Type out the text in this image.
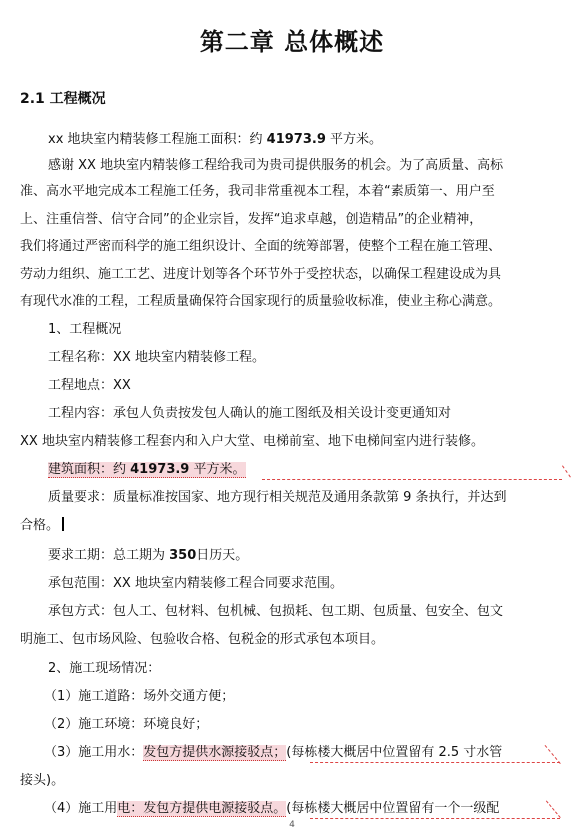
第二章 总体概述
2.1 工程概况
xx 地块室内精装修工程施工面积：约 41973.9 平方米。
感谢 XX 地块室内精装修工程给我司为贵司提供服务的机会。为了高质量、高标
准、高水平地完成本工程施工任务，我司非常重视本工程，本着“素质第一、用户至
上、注重信誉、信守合同”的企业宗旨，发挥“追求卓越，创造精品”的企业精神，
我们将通过严密而科学的施工组织设计、全面的统筹部署，使整个工程在施工管理、
劳动力组织、施工工艺、进度计划等各个环节外于受控状态，以确保工程建设成为具
有现代水准的工程，工程质量确保符合国家现行的质量验收标准，使业主称心满意。
1、工程概况
工程名称：XX 地块室内精装修工程。
工程地点：XX
工程内容：承包人负责按发包人确认的施工图纸及相关设计变更通知对
XX 地块室内精装修工程套内和入户大堂、电梯前室、地下电梯间室内进行装修。
建筑面积：约 41973.9 平方米。
质量要求：质量标准按国家、地方现行相关规范及通用条款第 9 条执行，并达到
合格。
要求工期：总工期为 350日历天。
承包范围：XX 地块室内精装修工程合同要求范围。
承包方式：包人工、包材料、包机械、包损耗、包工期、包质量、包安全、包文
明施工、包市场风险、包验收合格、包税金的形式承包本项目。
2、施工现场情况：
（1）施工道路：场外交通方便；
（2）施工环境：环境良好；
（3）施工用水：发包方提供水源接驳点；(每栋楼大概居中位置留有 2.5 寸水管
接头)。
（4）施工用电：发包方提供电源接驳点。(每栋楼大概居中位置留有一个一级配
4
